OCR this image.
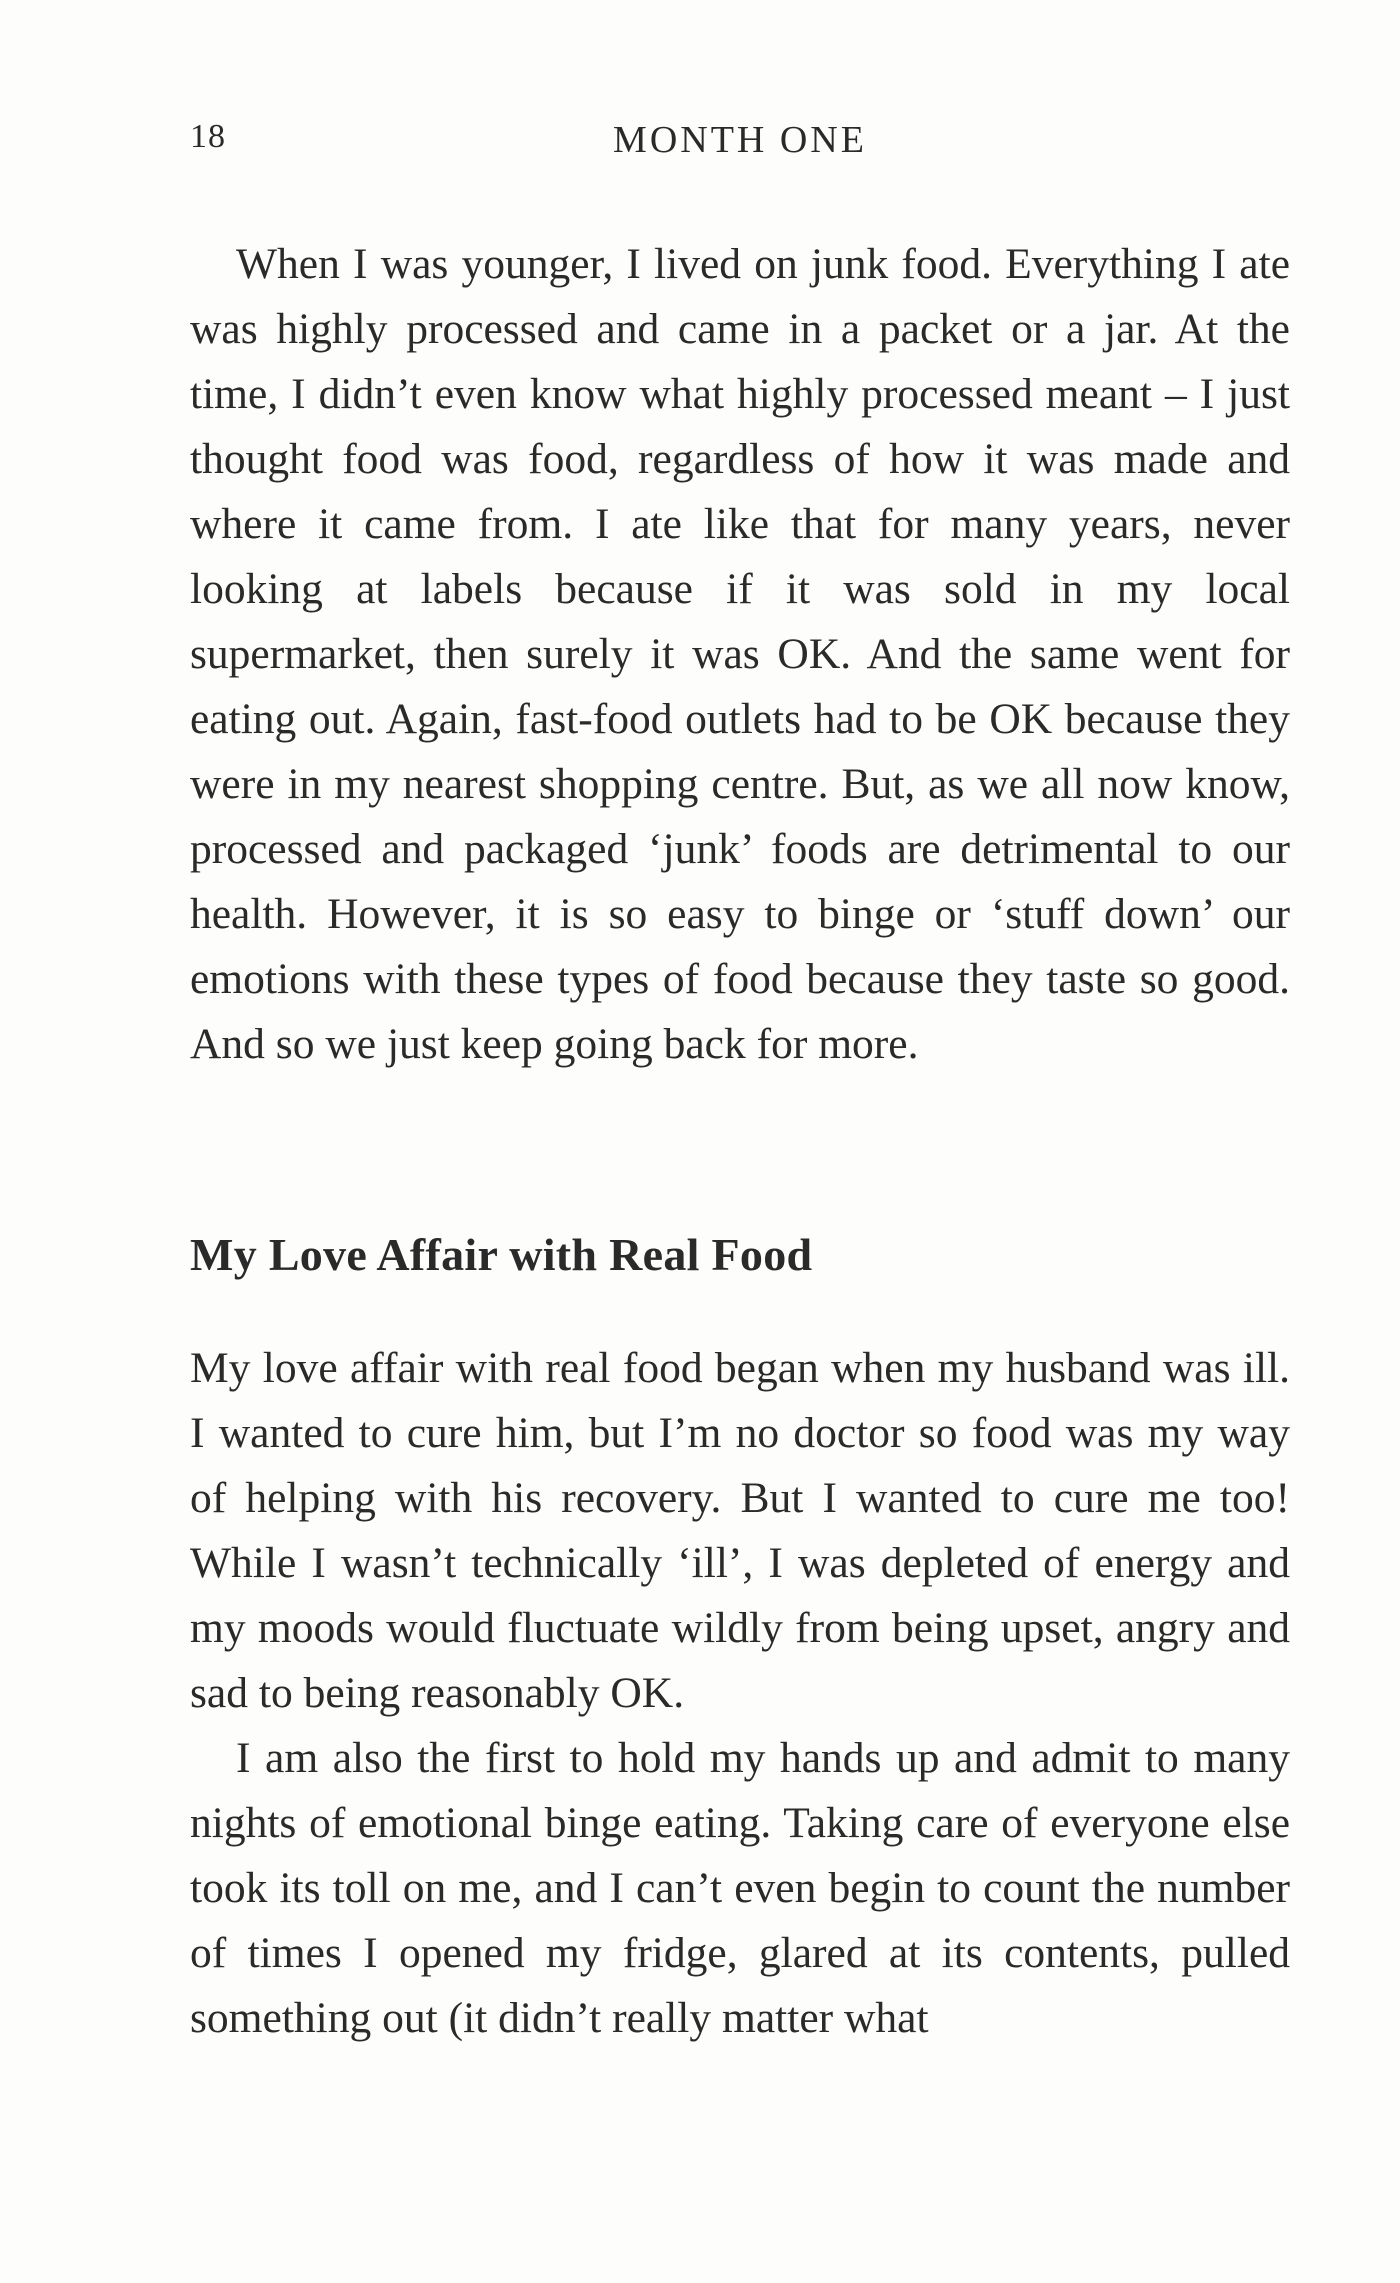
18	MONTH ONE

When I was younger, I lived on junk food. Everything I ate was highly processed and came in a packet or a jar. At the time, I didn’t even know what highly processed meant – I just thought food was food, regardless of how it was made and where it came from. I ate like that for many years, never looking at labels because if it was sold in my local supermarket, then surely it was OK. And the same went for eating out. Again, fast-food outlets had to be OK because they were in my nearest shopping centre. But, as we all now know, processed and packaged ‘junk’ foods are detrimental to our health. However, it is so easy to binge or ‘stuff down’ our emotions with these types of food because they taste so good. And so we just keep going back for more.

My Love Affair with Real Food

My love affair with real food began when my husband was ill. I wanted to cure him, but I’m no doctor so food was my way of helping with his recovery. But I wanted to cure me too! While I wasn’t technically ‘ill’, I was depleted of energy and my moods would fluctuate wildly from being upset, angry and sad to being reasonably OK.

I am also the first to hold my hands up and admit to many nights of emotional binge eating. Taking care of everyone else took its toll on me, and I can’t even begin to count the number of times I opened my fridge, glared at its contents, pulled something out (it didn’t really matter what
